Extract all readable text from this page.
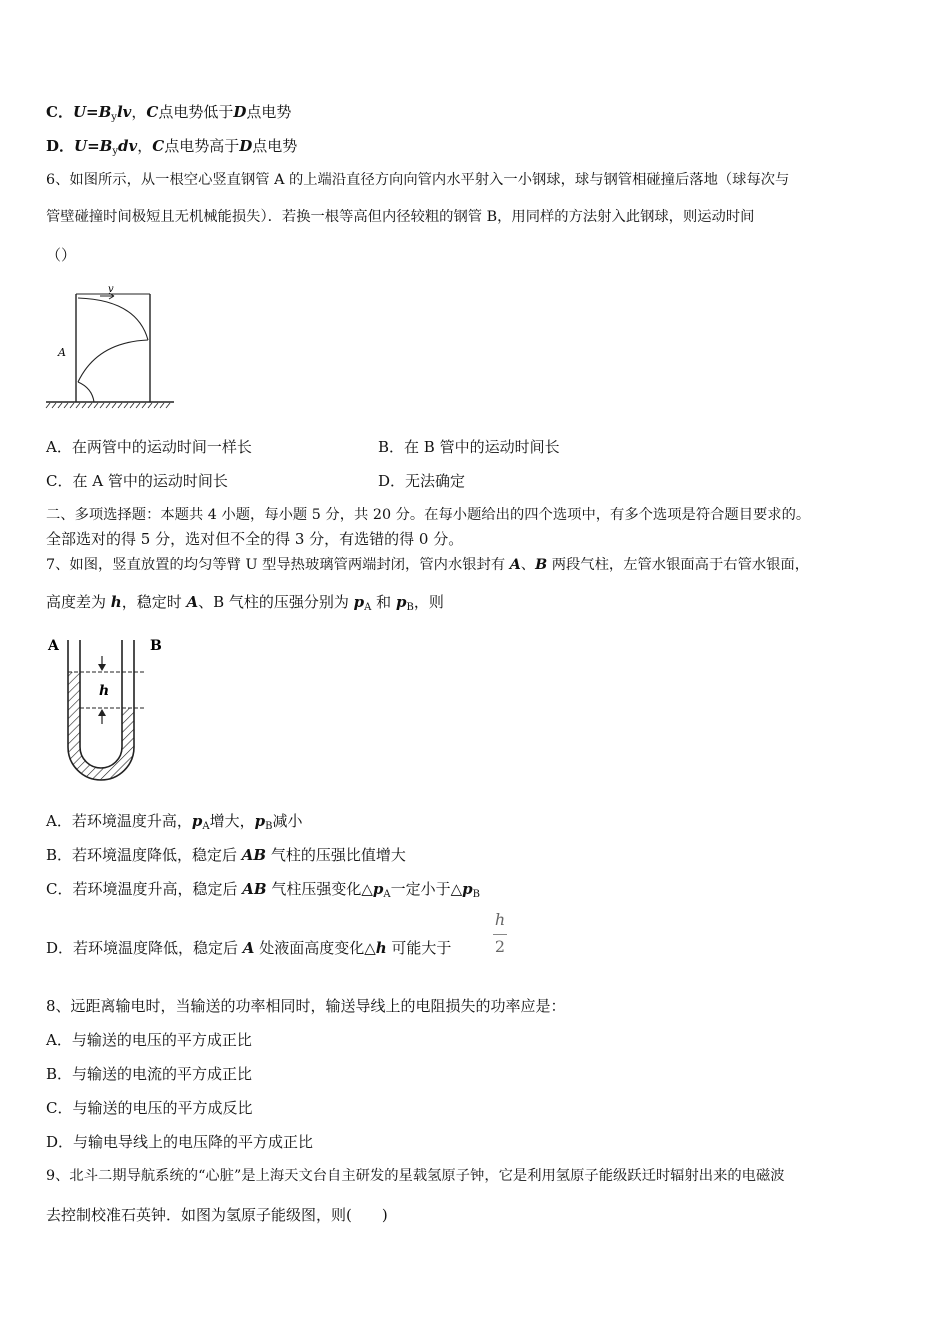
C．$U=B_ylv$，C点电势低于D点电势
D．$U=B_ydv$，C点电势高于D点电势
6、如图所示，从一根空心竖直钢管 A 的上端沿直径方向向管内水平射入一小钢球，球与钢管相碰撞后落地（球每次与
管壁碰撞时间极短且无机械能损失）．若换一根等高但内径较粗的钢管 B，用同样的方法射入此钢球，则运动时间
（）
v
A
A．在两管中的运动时间一样长	B．在 B 管中的运动时间长
C．在 A 管中的运动时间长	D．无法确定
二、多项选择题：本题共 4 小题，每小题 5 分，共 20 分。在每小题给出的四个选项中，有多个选项是符合题目要求的。
全部选对的得 5 分，选对但不全的得 3 分，有选错的得 0 分。
7、如图，竖直放置的均匀等臂 U 型导热玻璃管两端封闭，管内水银封有 A、B 两段气柱，左管水银面高于右管水银面，
高度差为 h，稳定时 A、B 气柱的压强分别为 $p_A$ 和 $p_B$，则
A	B
h
A．若环境温度升高，$p_A$增大，$p_B$减小
B．若环境温度降低，稳定后 AB 气柱的压强比值增大
C．若环境温度升高，稳定后 AB 气柱压强变化$\triangle p_A$一定小于$\triangle p_B$
D．若环境温度降低，稳定后 A 处液面高度变化△h 可能大于
h
2
8、远距离输电时，当输送的功率相同时，输送导线上的电阻损失的功率应是：
A．与输送的电压的平方成正比
B．与输送的电流的平方成正比
C．与输送的电压的平方成反比
D．与输电导线上的电压降的平方成正比
9、北斗二期导航系统的“心脏”是上海天文台自主研发的星载氢原子钟，它是利用氢原子能级跃迁时辐射出来的电磁波
去控制校准石英钟．如图为氢原子能级图，则(　　)
